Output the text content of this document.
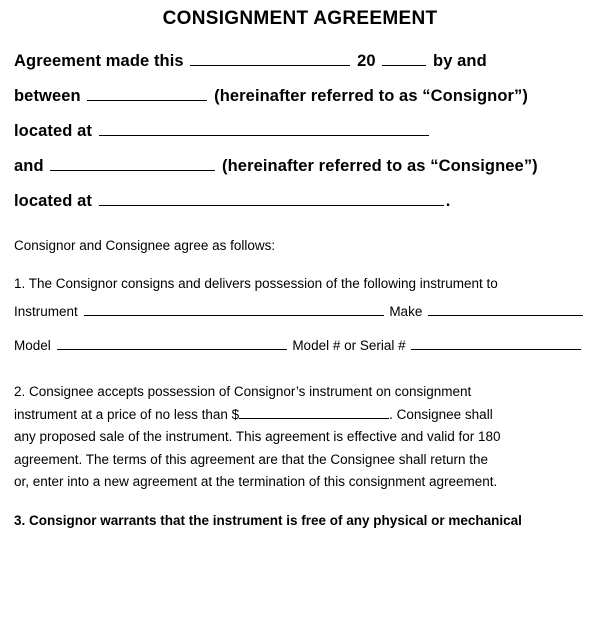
CONSIGNMENT AGREEMENT
Agreement made this	20	by and
between	(hereinafter referred to as “Consignor”)
located at
and	(hereinafter referred to as “Consignee”)
located at	.
Consignor and Consignee agree as follows:
1. The Consignor consigns and delivers possession of the following instrument to
Instrument	Make
Model	Model # or Serial #
2. Consignee accepts possession of Consignor’s instrument on consignment
instrument at a price of no less than $	. Consignee shall
any proposed sale of the instrument. This agreement is effective and valid for 180
agreement. The terms of this agreement are that the Consignee shall return the
or, enter into a new agreement at the termination of this consignment agreement.
3. Consignor warrants that the instrument is free of any physical or mechanical
